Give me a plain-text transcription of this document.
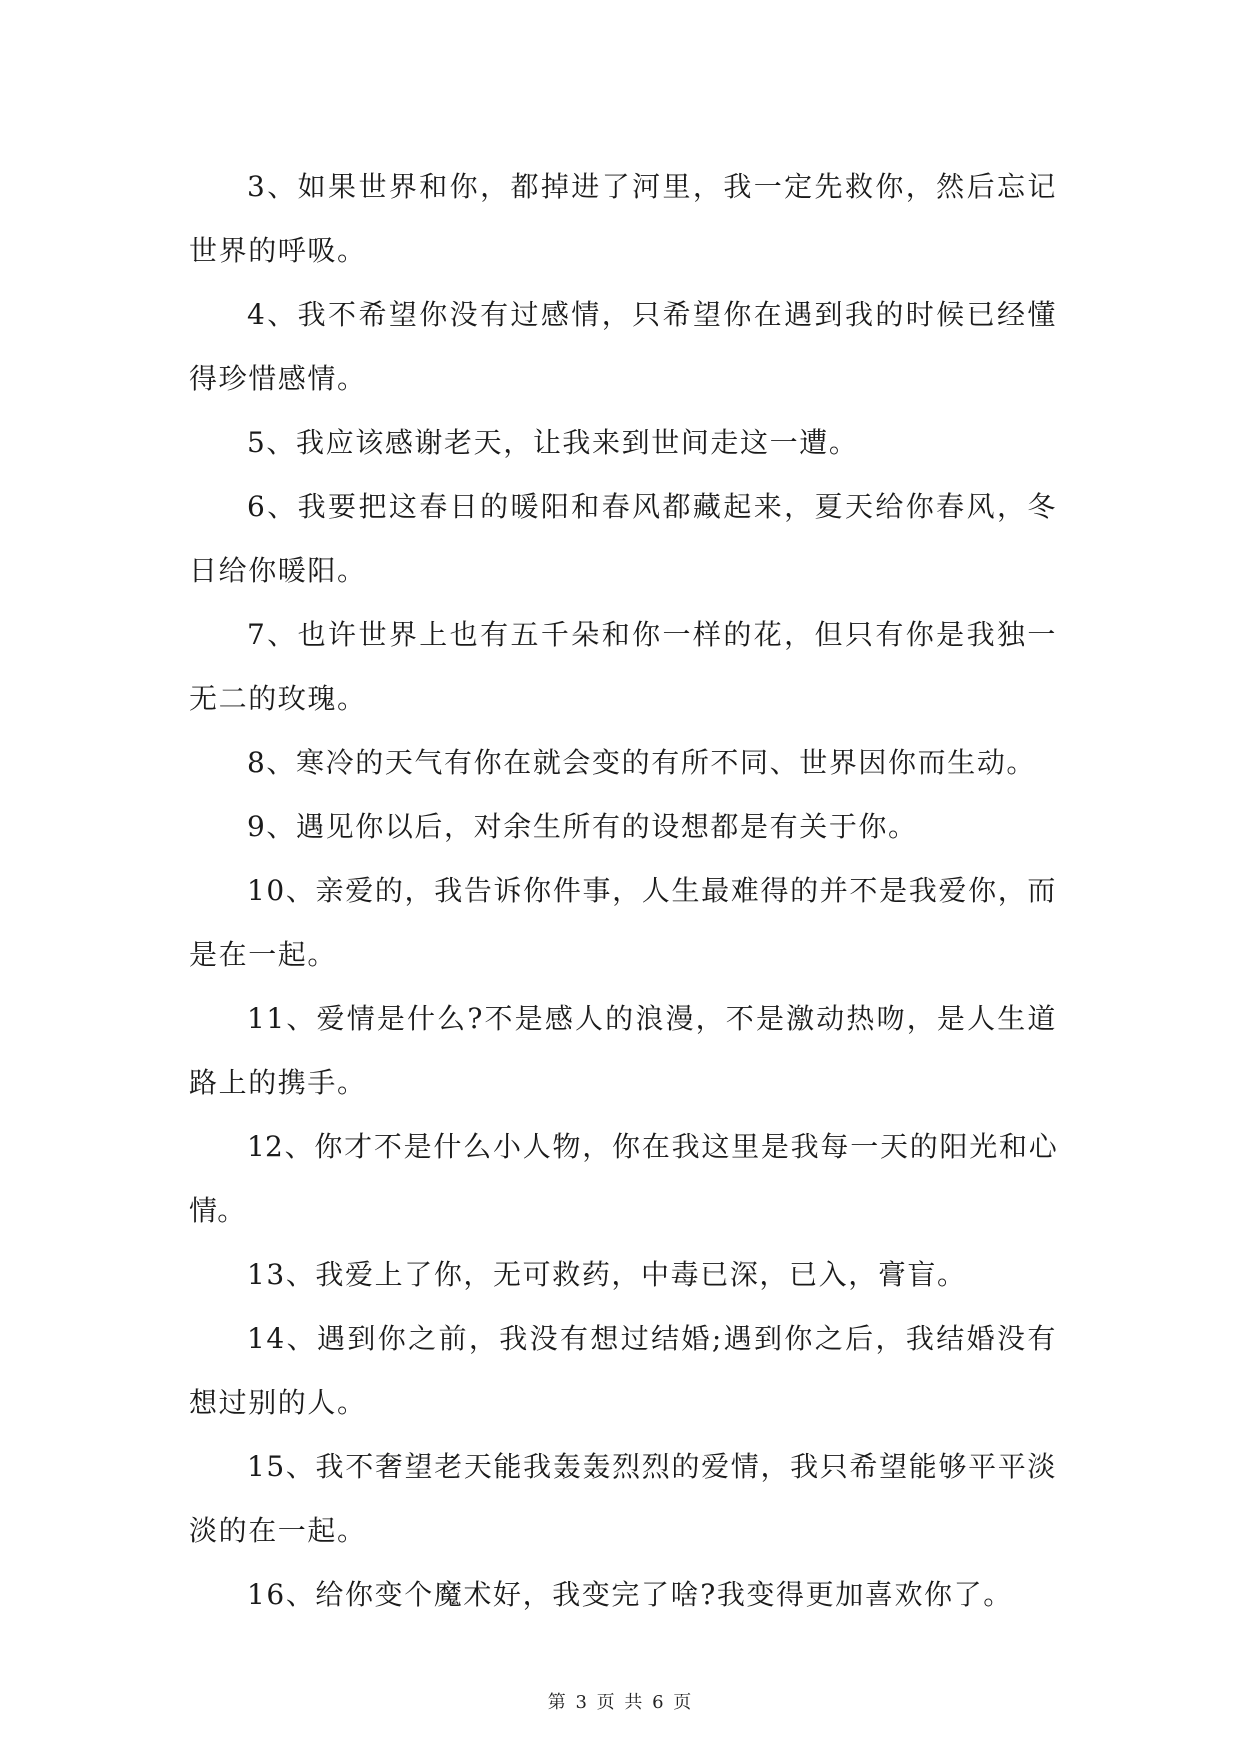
3、如果世界和你，都掉进了河里，我一定先救你，然后忘记世界的呼吸。

4、我不希望你没有过感情，只希望你在遇到我的时候已经懂得珍惜感情。

5、我应该感谢老天，让我来到世间走这一遭。

6、我要把这春日的暖阳和春风都藏起来，夏天给你春风，冬日给你暖阳。

7、也许世界上也有五千朵和你一样的花，但只有你是我独一无二的玫瑰。

8、寒冷的天气有你在就会变的有所不同、世界因你而生动。

9、遇见你以后，对余生所有的设想都是有关于你。

10、亲爱的，我告诉你件事，人生最难得的并不是我爱你，而是在一起。

11、爱情是什么?不是感人的浪漫，不是激动热吻，是人生道路上的携手。

12、你才不是什么小人物，你在我这里是我每一天的阳光和心情。

13、我爱上了你，无可救药，中毒已深，已入，膏盲。

14、遇到你之前，我没有想过结婚;遇到你之后，我结婚没有想过别的人。

15、我不奢望老天能我轰轰烈烈的爱情，我只希望能够平平淡淡的在一起。

16、给你变个魔术好，我变完了啥?我变得更加喜欢你了。

第 3 页 共 6 页
